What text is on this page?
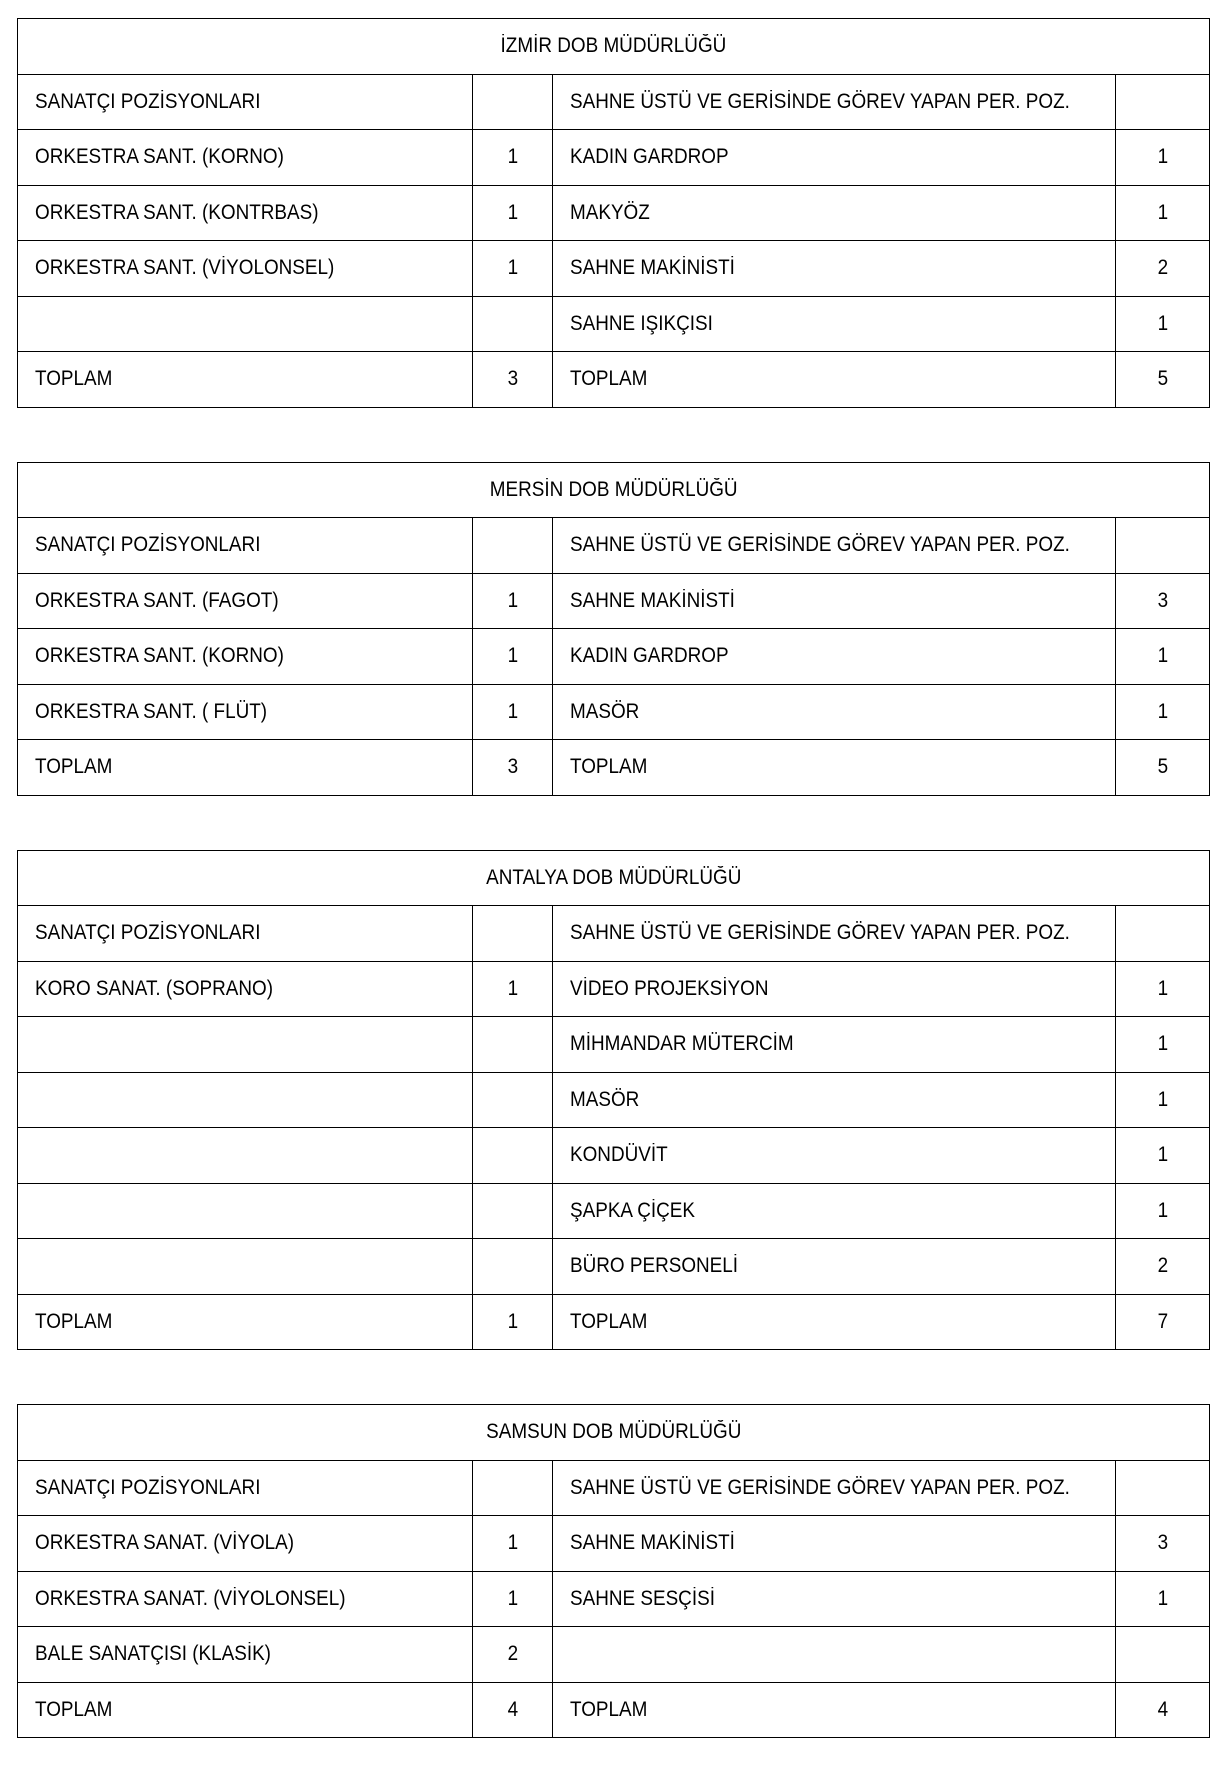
İZMİR DOB MÜDÜRLÜĞÜ			
SANATÇI POZİSYONLARI		SAHNE ÜSTÜ VE GERİSİNDE GÖREV YAPAN PER. POZ.	
ORKESTRA SANT. (KORNO)	1	KADIN GARDROP	1
ORKESTRA SANT. (KONTRBAS)	1	MAKYÖZ	1
ORKESTRA SANT. (VİYOLONSEL)	1	SAHNE MAKİNİSTİ	2
		SAHNE IŞIKÇISI	1
TOPLAM	3	TOPLAM	5
MERSİN DOB MÜDÜRLÜĞÜ			
SANATÇI POZİSYONLARI		SAHNE ÜSTÜ VE GERİSİNDE GÖREV YAPAN PER. POZ.	
ORKESTRA SANT. (FAGOT)	1	SAHNE MAKİNİSTİ	3
ORKESTRA SANT. (KORNO)	1	KADIN GARDROP	1
ORKESTRA SANT. ( FLÜT)	1	MASÖR	1
TOPLAM	3	TOPLAM	5
ANTALYA DOB MÜDÜRLÜĞÜ			
SANATÇI POZİSYONLARI		SAHNE ÜSTÜ VE GERİSİNDE GÖREV YAPAN PER. POZ.	
KORO SANAT. (SOPRANO)	1	VİDEO PROJEKSİYON	1
		MİHMANDAR MÜTERCİM	1
		MASÖR	1
		KONDÜVİT	1
		ŞAPKA ÇİÇEK	1
		BÜRO PERSONELİ	2
TOPLAM	1	TOPLAM	7
SAMSUN DOB MÜDÜRLÜĞÜ			
SANATÇI POZİSYONLARI		SAHNE ÜSTÜ VE GERİSİNDE GÖREV YAPAN PER. POZ.	
ORKESTRA SANAT. (VİYOLA)	1	SAHNE MAKİNİSTİ	3
ORKESTRA SANAT. (VİYOLONSEL)	1	SAHNE SESÇİSİ	1
BALE SANATÇISI (KLASİK)	2		
TOPLAM	4	TOPLAM	4
